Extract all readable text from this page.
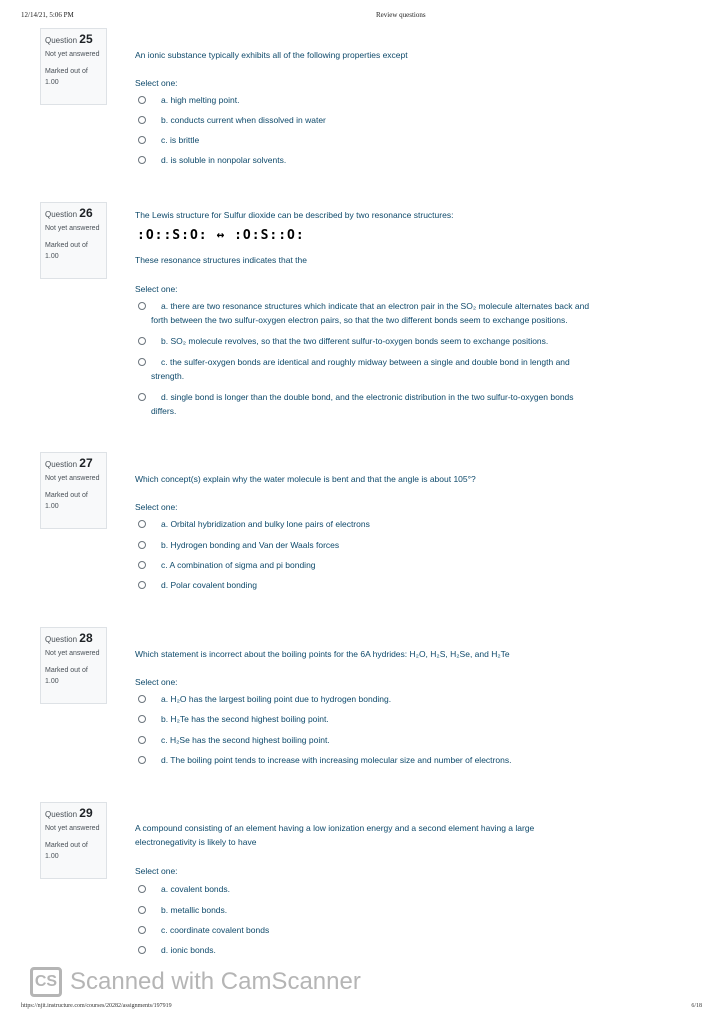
12/14/21, 5:06 PM	Review questions
Question 25
Not yet answered
Marked out of 1.00
An ionic substance typically exhibits all of the following properties except
Select one:
a. high melting point.
b. conducts current when dissolved in water
c. is brittle
d. is soluble in nonpolar solvents.
Question 26
Not yet answered
Marked out of 1.00
The Lewis structure for Sulfur dioxide can be described by two resonance structures:
:O::S:O: ↔ :O:S::O:
These resonance structures indicates that the
Select one:
a. there are two resonance structures which indicate that an electron pair in the SO₂ molecule alternates back and
forth between the two sulfur-oxygen electron pairs, so that the two different bonds seem to exchange positions.
b. SO₂ molecule revolves, so that the two different sulfur-to-oxygen bonds seem to exchange positions.
c. the sulfer-oxygen bonds are identical and roughly midway between a single and double bond in length and
strength.
d. single bond is longer than the double bond, and the electronic distribution in the two sulfur-to-oxygen bonds
differs.
Question 27
Not yet answered
Marked out of 1.00
Which concept(s) explain why the water molecule is bent and that the angle is about 105°?
Select one:
a. Orbital hybridization and bulky lone pairs of electrons
b. Hydrogen bonding and Van der Waals forces
c. A combination of sigma and pi bonding
d. Polar covalent bonding
Question 28
Not yet answered
Marked out of 1.00
Which statement is incorrect about the boiling points for the 6A hydrides: H₂O, H₂S, H₂Se, and H₂Te
Select one:
a. H₂O has the largest boiling point due to hydrogen bonding.
b. H₂Te has the second highest boiling point.
c. H₂Se has the second highest boiling point.
d. The boiling point tends to increase with increasing molecular size and number of electrons.
Question 29
Not yet answered
Marked out of 1.00
A compound consisting of an element having a low ionization energy and a second element having a large
electronegativity is likely to have
Select one:
a. covalent bonds.
b. metallic bonds.
c. coordinate covalent bonds
d. ionic bonds.
CS Scanned with CamScanner
https://njit.instructure.com/courses/20282/assignments/197919	6/18
